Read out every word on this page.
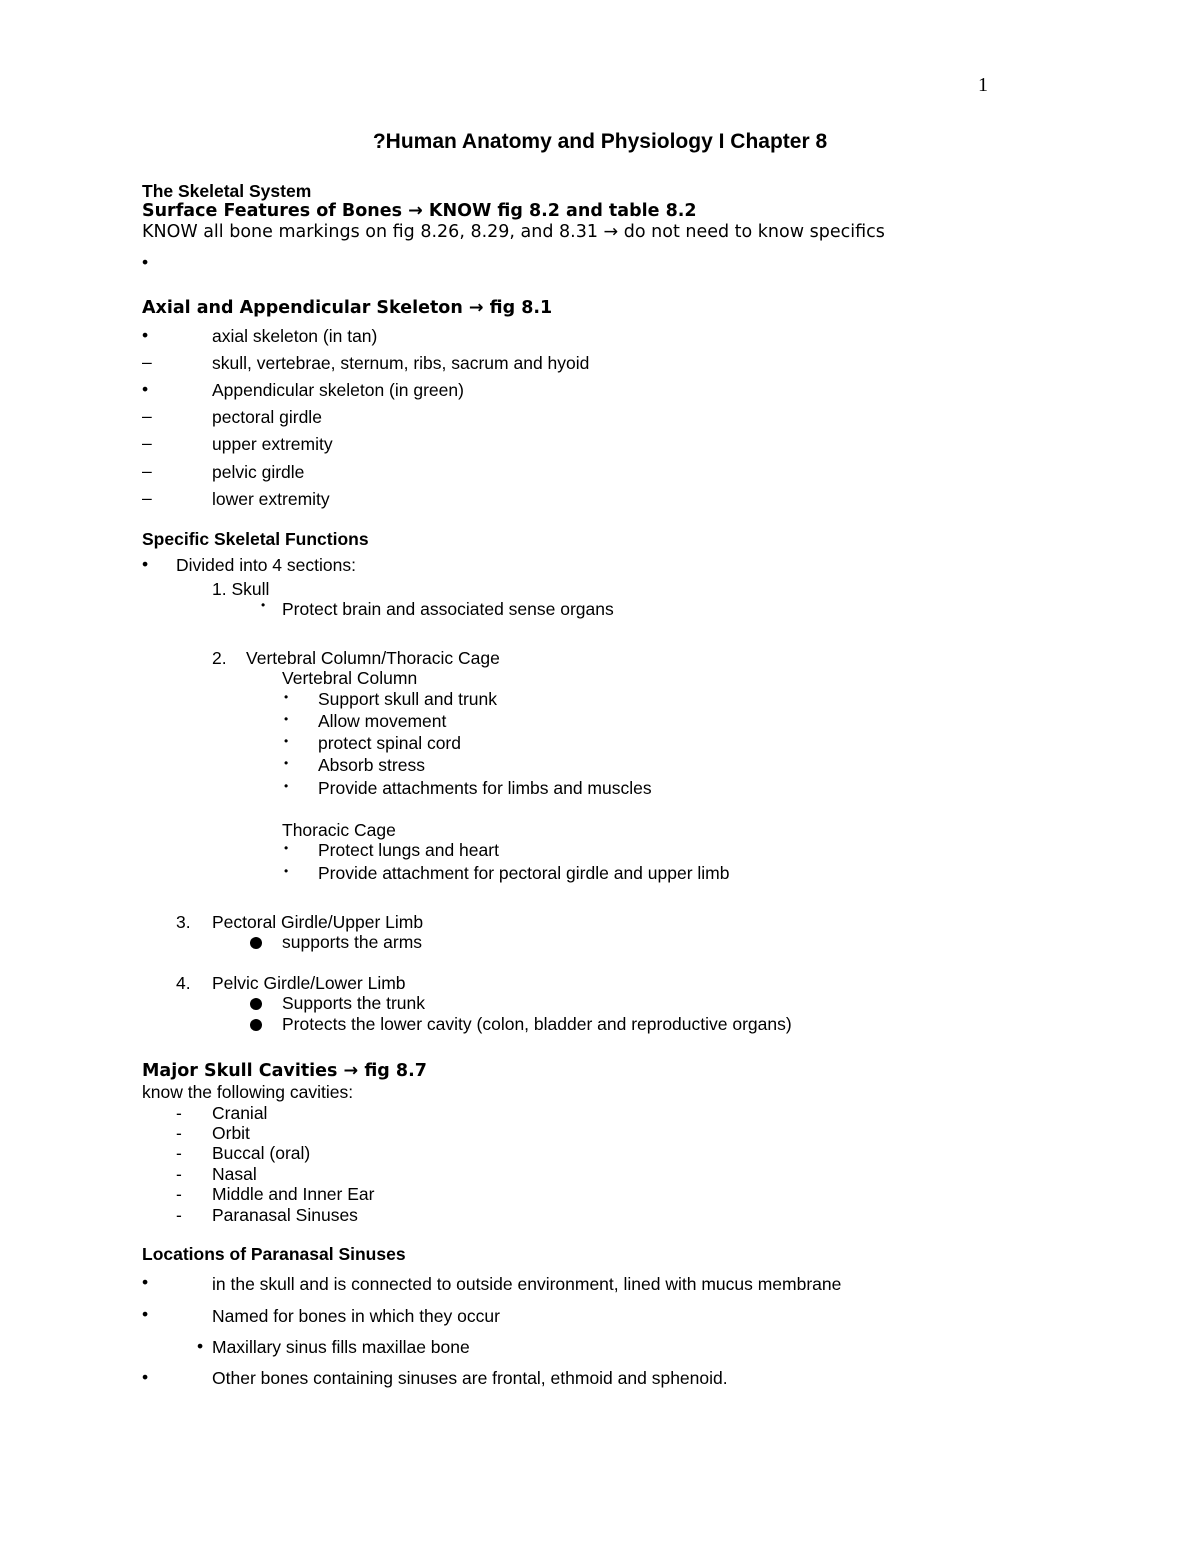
1
?Human Anatomy and Physiology I Chapter 8
The Skeletal System
Surface Features of Bones → KNOW fig 8.2 and table 8.2
KNOW all bone markings on fig 8.26, 8.29, and 8.31 → do not need to know specifics
•
Axial and Appendicular Skeleton → fig 8.1
•	axial skeleton (in tan)
–	skull, vertebrae, sternum, ribs, sacrum and hyoid
•	Appendicular skeleton (in green)
–	pectoral girdle
–	upper extremity
–	pelvic girdle
–	lower extremity
Specific Skeletal Functions
• Divided into 4 sections:
1. Skull
• Protect brain and associated sense organs
2. Vertebral Column/Thoracic Cage
Vertebral Column
• Support skull and trunk
• Allow movement
• protect spinal cord
• Absorb stress
• Provide attachments for limbs and muscles
Thoracic Cage
• Protect lungs and heart
• Provide attachment for pectoral girdle and upper limb
3. Pectoral Girdle/Upper Limb
supports the arms
4. Pelvic Girdle/Lower Limb
Supports the trunk
Protects the lower cavity (colon, bladder and reproductive organs)
Major Skull Cavities → fig 8.7
know the following cavities:
- Cranial
- Orbit
- Buccal (oral)
- Nasal
- Middle and Inner Ear
- Paranasal Sinuses
Locations of Paranasal Sinuses
•	in the skull and is connected to outside environment, lined with mucus membrane
•	Named for bones in which they occur
• Maxillary sinus fills maxillae bone
•	Other bones containing sinuses are frontal, ethmoid and sphenoid.
